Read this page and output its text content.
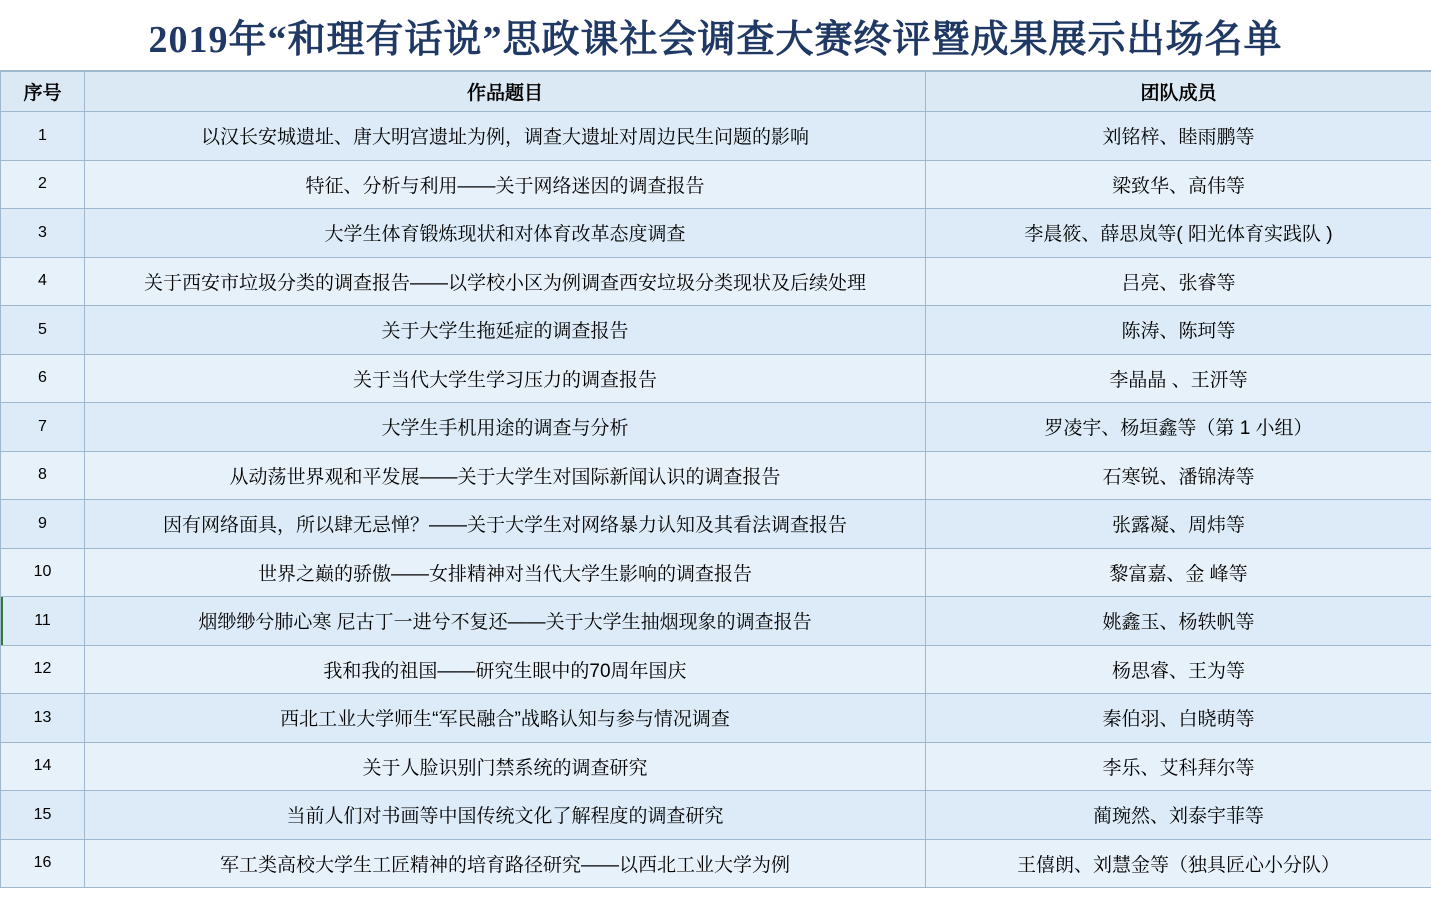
2019年“和理有话说”思政课社会调查大赛终评暨成果展示出场名单
序号	作品题目	团队成员
1	以汉长安城遗址、唐大明宫遗址为例，调查大遗址对周边民生问题的影响	刘铭梓、睦雨鹏等
2	特征、分析与利用——关于网络迷因的调查报告	梁致华、高伟等
3	大学生体育锻炼现状和对体育改革态度调查	李晨筱、薛思岚等( 阳光体育实践队 )
4	关于西安市垃圾分类的调查报告——以学校小区为例调查西安垃圾分类现状及后续处理	吕亮、张睿等
5	关于大学生拖延症的调查报告	陈涛、陈珂等
6	关于当代大学生学习压力的调查报告	李晶晶 、王汧等
7	大学生手机用途的调查与分析	罗凌宇、杨垣鑫等（第 1 小组）
8	从动荡世界观和平发展——关于大学生对国际新闻认识的调查报告	石寒锐、潘锦涛等
9	因有网络面具，所以肆无忌惮？——关于大学生对网络暴力认知及其看法调查报告	张露凝、周炜等
10	世界之巅的骄傲——女排精神对当代大学生影响的调查报告	黎富嘉、金 峰等
11	烟缈缈兮肺心寒 尼古丁一进兮不复还——关于大学生抽烟现象的调查报告	姚鑫玉、杨轶帆等
12	我和我的祖国——研究生眼中的70周年国庆	杨思睿、王为等
13	西北工业大学师生“军民融合”战略认知与参与情况调查	秦伯羽、白晓萌等
14	关于人脸识别门禁系统的调查研究	李乐、艾科拜尔等
15	当前人们对书画等中国传统文化了解程度的调查研究	蔺琬然、刘泰宇菲等
16	军工类高校大学生工匠精神的培育路径研究——以西北工业大学为例	王僖朗、刘慧金等（独具匠心小分队）
